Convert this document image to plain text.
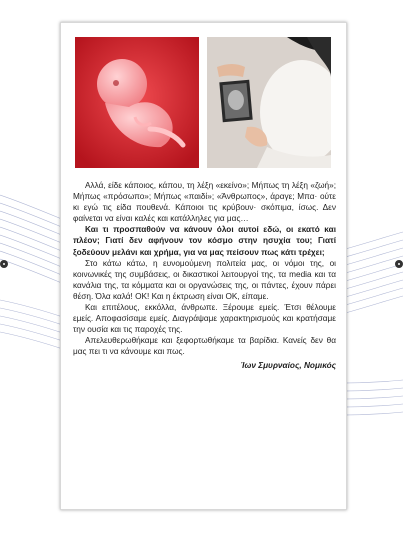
Αλλά, είδε κάποιος, κάπου, τη λέξη «εκείνο»; Μήπως τη λέξη «ζωή»; Μήπως «πρόσωπο»; Μήπως «παιδί»; «Άνθρωπος», άραγε; Μπα· ούτε κι εγώ τις είδα πουθενά. Κάποιοι τις κρύβουν· σκόπιμα, ίσως. Δεν φαίνεται να είναι καλές και κατάλληλες για μας…

Και τι προσπαθούν να κάνουν όλοι αυτοί εδώ, οι εκατό και πλέον; Γιατί δεν αφήνουν τον κόσμο στην ησυχία του; Γιατί ξοδεύουν μελάνι και χρήμα, για να μας πείσουν πως κάτι τρέχει;

Στο κάτω κάτω, η ευνομούμενη πολιτεία μας, οι νόμοι της, οι κοινωνικές της συμβάσεις, οι δικαστικοί λειτουργοί της, τα media και τα κανάλια της, τα κόμματα και οι οργανώσεις της, οι πάντες, έχουν πάρει θέση. Όλα καλά! ΟΚ! Και η έκτρωση είναι ΟΚ, είπαμε.

Και επιτέλους, εκκόλλα, άνθρωπε. Ξέρουμε εμείς. Έτσι θέλουμε εμείς. Αποφασίσαμε εμείς. Διαγράψαμε χαρακτηρισμούς και κρατήσαμε την ουσία και τις παροχές της.

Απελευθερωθήκαμε και ξεφορτωθήκαμε τα βαρίδια. Κανείς δεν θα μας πει τι να κάνουμε και πως.

Ίων Σμυρναίος, Νομικός
